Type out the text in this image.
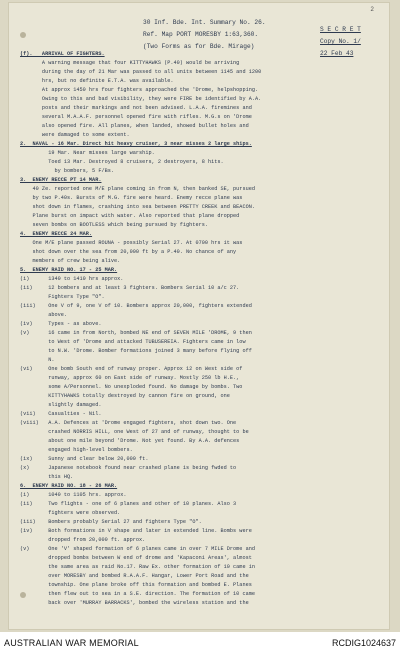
2

30 Inf. Bde. Int. Summary No. 26.

S E C R E T

Ref. Map PORT MORESBY 1:63,360.

Copy No. 1/

(Two Forms as for Bde. Mirage)

22 Feb 43

(f).   ARRIVAL OF FIGHTERS.
A warning message that four KITTYHAWKS (P.40) would be arriving
during the day of 21 Mar was passed to all units between 1145 and 1200
hrs, but no definite E.T.A. was available.
At approx 1450 hrs four fighters approached the 'Drome, helpshopping.
Owing to this and bad visibility, they were FIRE be identified by A.A.
posts and their markings and not been advised. L.A.A. firemines and
several M.A.A.F. personnel opened fire with rifles. M.G.s on 'Drome
also opened fire. All planes, when landed, showed bullet holes and
were damaged to some extent.
2.  NAVAL - 16 Mar. Direct hit heavy cruiser, 3 near misses 2 large ships.
19 Mar. Near misses large warship.
Toed 13 Mar. Destroyed 8 cruisers, 2 destroyers, 8 hits.
by bombers, 5 F/Bs.
3.  ENEMY RECCE PT 14 MAR.
40 Ze. reported one M/E plane coming in from N, then banked SE, pursued
by two P.40s. Bursts of M.G. fire were heard. Enemy recce plane was
shot down in flames, crashing into sea between PRETTY CREEK and BEACON.
Plane burst on impact with water. Also reported that plane dropped
seven bombs on BOOTLESS which being pursued by fighters.
4.  ENEMY RECCE 24 MAR.
One M/E plane passed ROUNA - possibly Serial 27. At 0700 hrs it was
shot down over the sea from 20,000 ft by a P.40. No chance of any
members of crew being alive.
5.  ENEMY RAID NO. 17 - 25 MAR.
(i)      1340 to 1410 hrs approx.
(ii)     12 bombers and at least 3 fighters. Bombers Serial 10 a/c 27.
Fighters Type "O".
(iii)    One V of 9, one V of 10. Bombers approx 20,000, fighters extended
above.
(iv)     Types - as above.
(v)      16 came in from North, bombed NE end of SEVEN MILE 'DROME, 9 then
to West of 'Drome and attacked TUBUSEREIA. Fighters came in low
to N.W. 'Drome. Bomber formations joined 3 many before flying off
N.
(vi)     One bomb South end of runway proper. Approx 12 on West side of
runway, approx 60 on East side of runway. Mostly 250 lb H.E.,
some A/Personnel. No unexploded found. No damage by bombs. Two
KITTYHAWKS totally destroyed by cannon fire on ground, one
slightly damaged.
(vii)    Casualties - Nil.
(viii)   A.A. Defences at 'Drome engaged fighters, shot down two. One
crashed NORRIS HILL, one West of 27 and of runway, thought to be
about one mile beyond 'Drome. Not yet found. By A.A. defences
engaged high-level bombers.
(ix)     Sunny and clear below 20,000 ft.
(x)      Japanese notebook found near crashed plane is being fwded to
this HQ.
6.  ENEMY RAID NO. 18 - 26 MAR.
(i)      1040 to 1105 hrs. approx.
(ii)     Two flights - one of 6 planes and other of 10 planes. Also 3
fighters were observed.
(iii)    Bombers probably Serial 27 and fighters Type "O".
(iv)     Both formations in V shape and later in extended line. Bombs were
dropped from 20,000 ft. approx.
(v)      One 'V' shaped formation of 6 planes came in over 7 MILE Drome and
dropped bombs between W end of drome and 'Kapaconi Areas', almost
the same area as raid No.17. Raw Ex. other formation of 10 came in
over MORESBY and bombed R.A.A.F. Hangar, Lower Port Road and the
township. One plane broke off this formation and bombed E. Planes
then flew out to sea in a S.E. direction. The formation of 10 came
back over 'MURRAY BARRACKS', bombed the wireless station and the
AUSTRALIAN WAR MEMORIAL	RCDIG1024637
